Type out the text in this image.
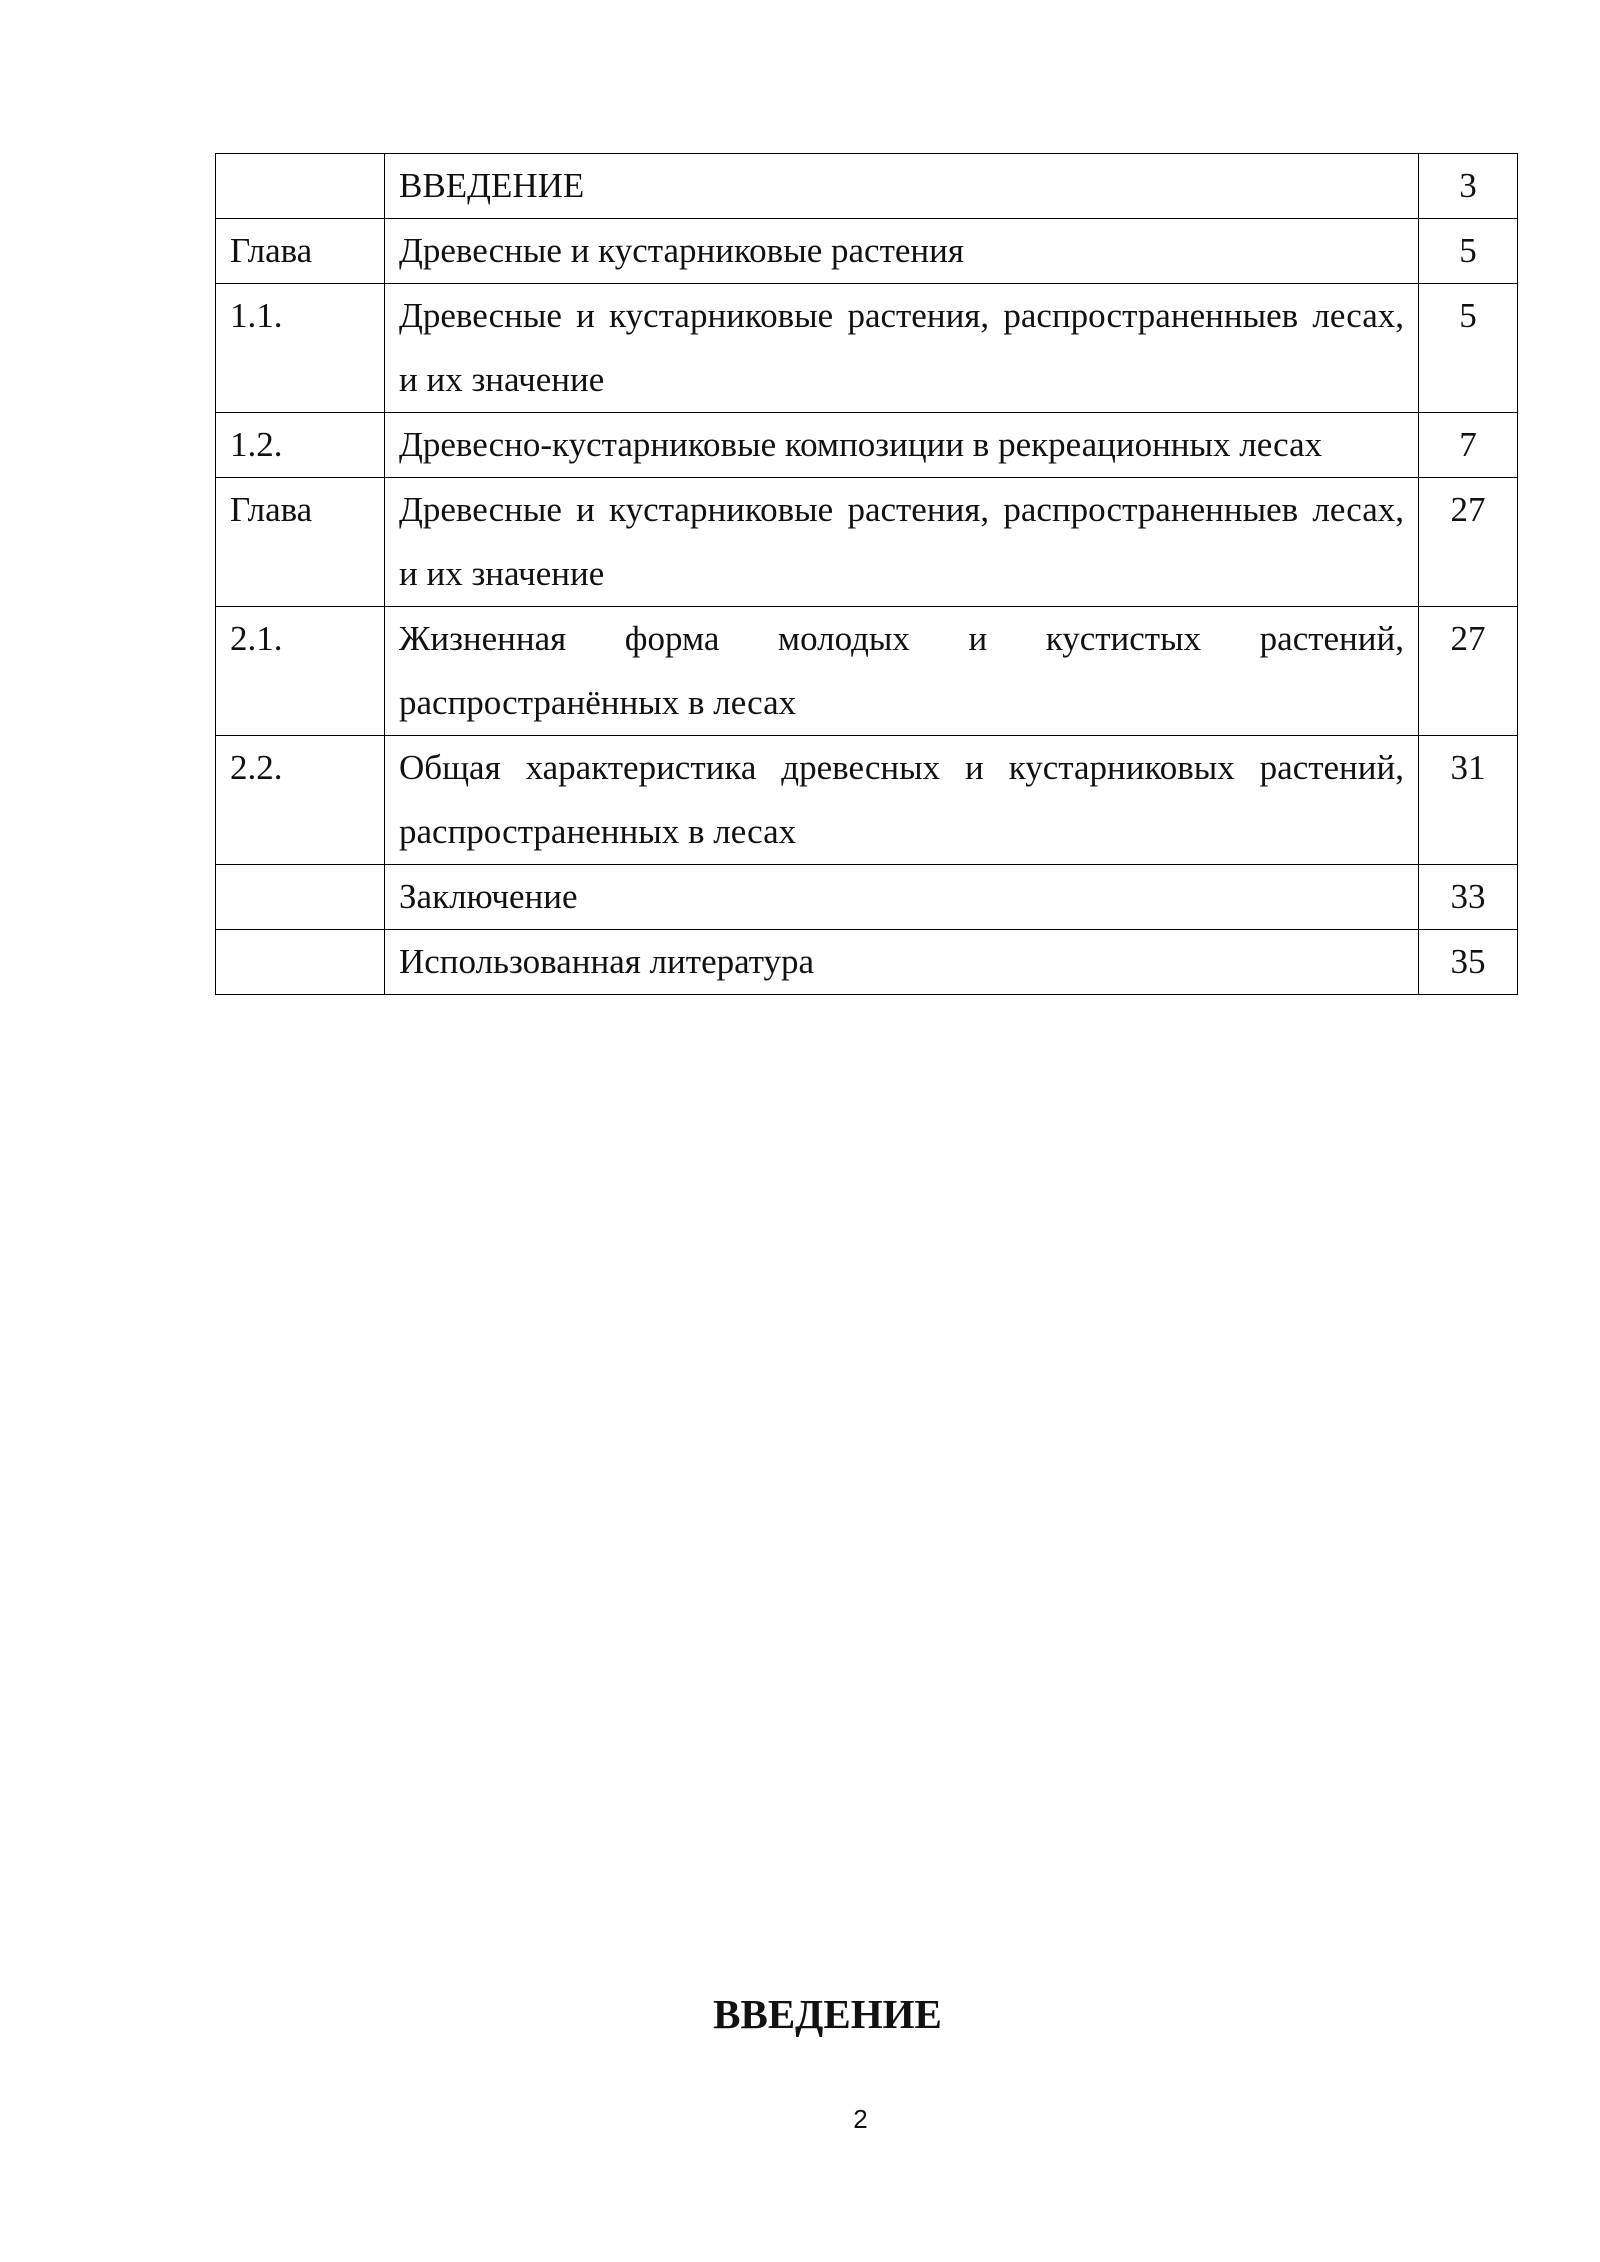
	ВВЕДЕНИЕ	3
Глава	Древесные и кустарниковые растения	5
1.1.	Древесные и кустарниковые растения, распространенныев лесах, и их значение	5
1.2.	Древесно-кустарниковые композиции в рекреационных лесах	7
Глава	Древесные и кустарниковые растения, распространенныев лесах, и их значение	27
2.1.	Жизненная форма молодых и кустистых растений, распространённых в лесах	27
2.2.	Общая характеристика древесных и кустарниковых растений, распространенных в лесах	31
	Заключение	33
	Использованная литература	35
ВВЕДЕНИЕ
2
